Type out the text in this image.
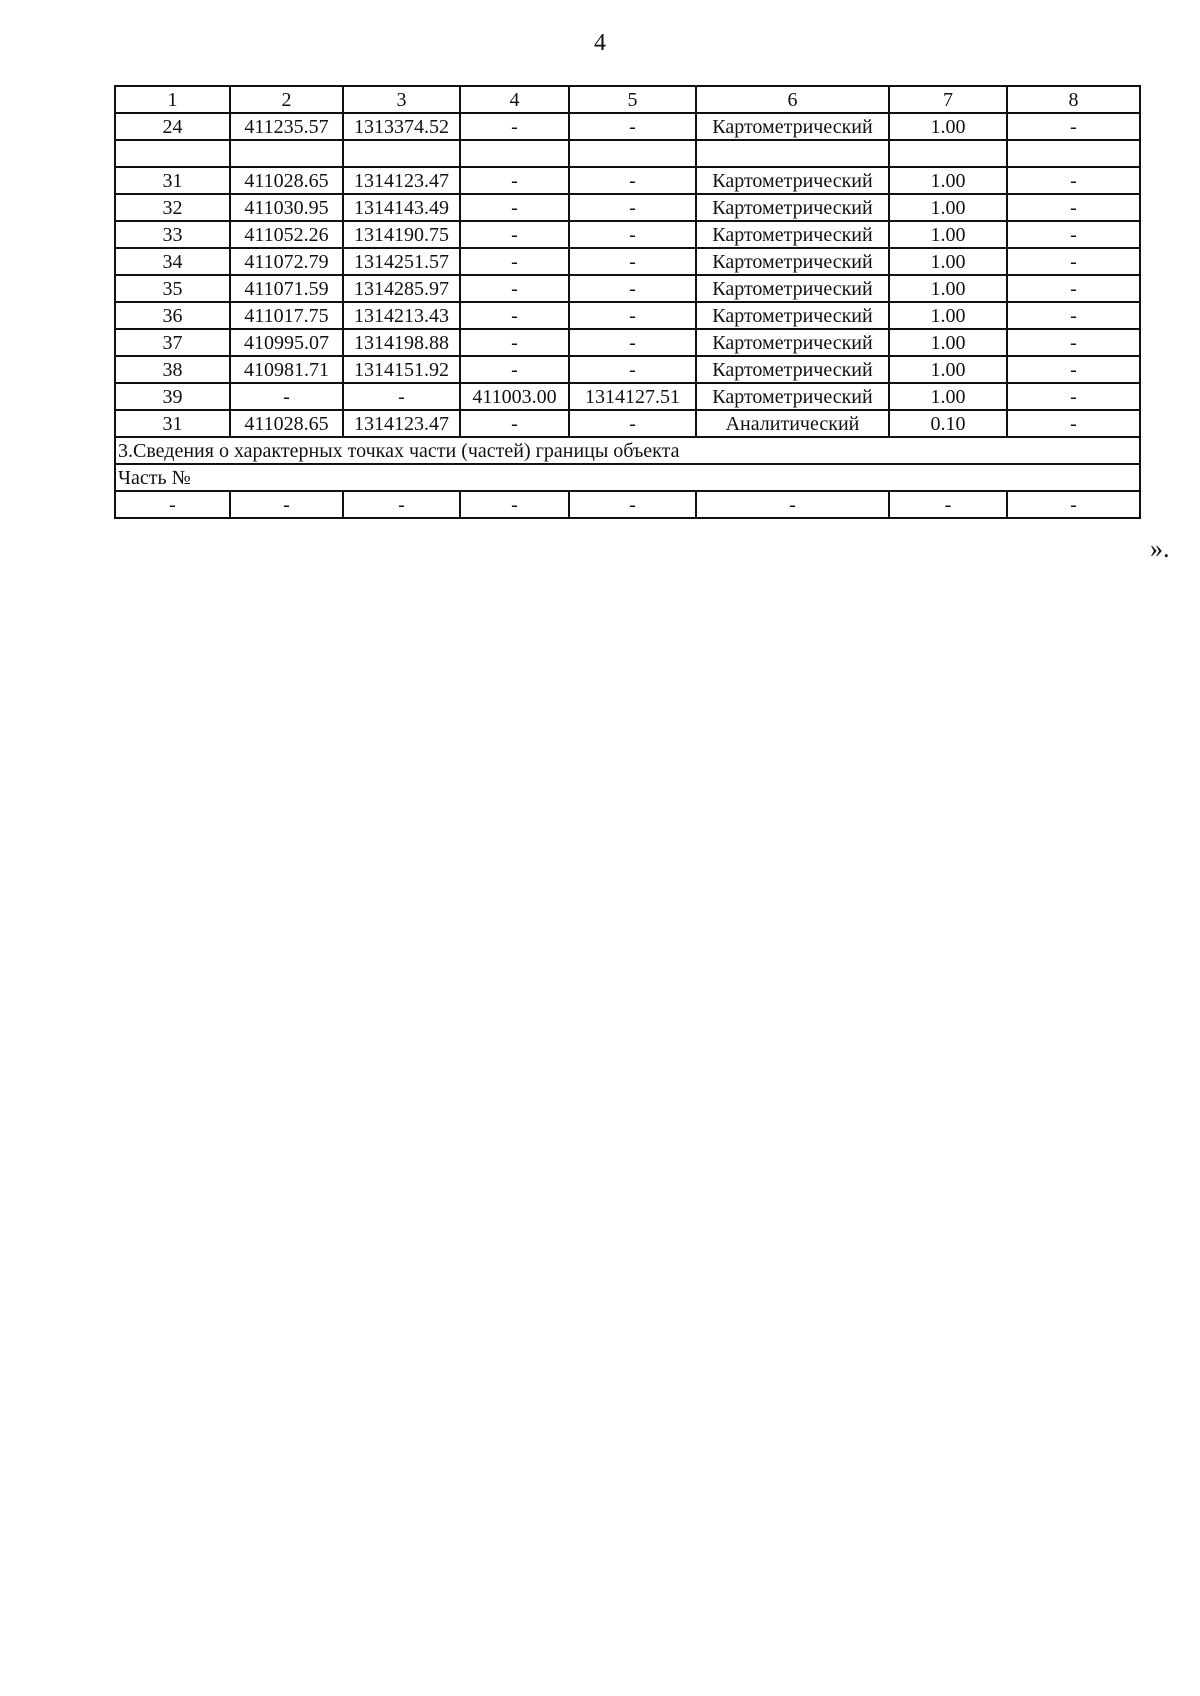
4
1	2	3	4	5	6	7	8
24	411235.57	1313374.52	-	-	Картометрический	1.00	-

31	411028.65	1314123.47	-	-	Картометрический	1.00	-
32	411030.95	1314143.49	-	-	Картометрический	1.00	-
33	411052.26	1314190.75	-	-	Картометрический	1.00	-
34	411072.79	1314251.57	-	-	Картометрический	1.00	-
35	411071.59	1314285.97	-	-	Картометрический	1.00	-
36	411017.75	1314213.43	-	-	Картометрический	1.00	-
37	410995.07	1314198.88	-	-	Картометрический	1.00	-
38	410981.71	1314151.92	-	-	Картометрический	1.00	-
39	-	-	411003.00	1314127.51	Картометрический	1.00	-
31	411028.65	1314123.47	-	-	Аналитический	0.10	-
3.Сведения о характерных точках части (частей) границы объекта							
Часть №							
-	-	-	-	-	-	-	-
».
